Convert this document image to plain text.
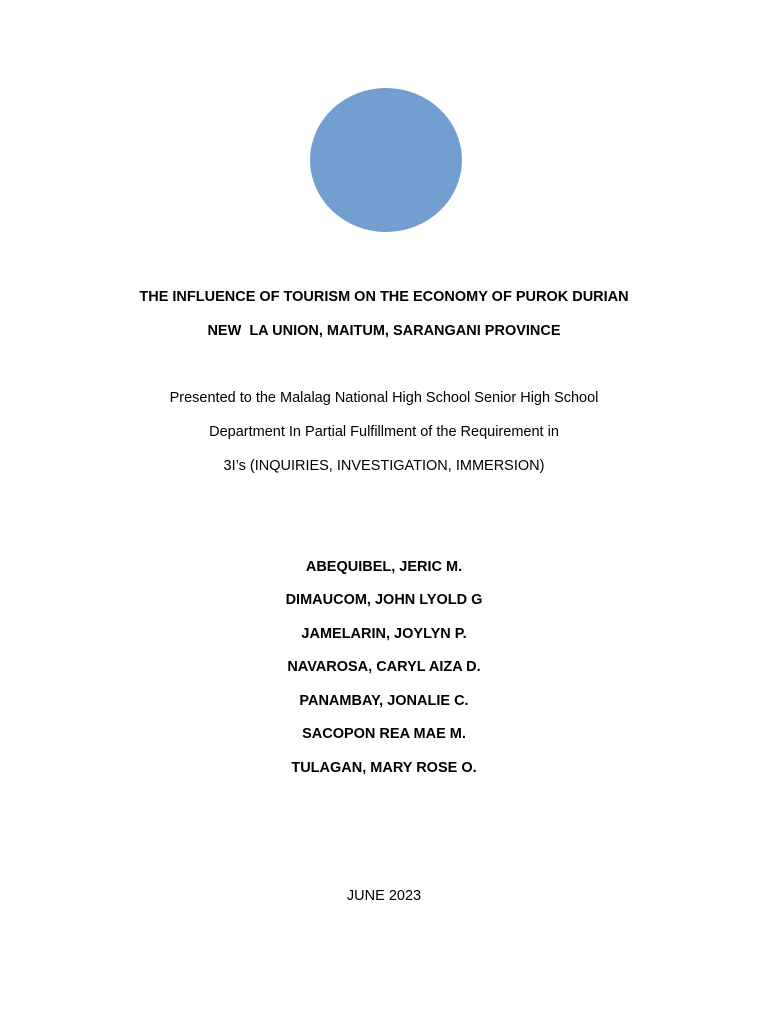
THE INFLUENCE OF TOURISM ON THE ECONOMY OF PUROK DURIAN
NEW  LA UNION, MAITUM, SARANGANI PROVINCE
Presented to the Malalag National High School Senior High School
Department In Partial Fulfillment of the Requirement in
3I’s (INQUIRIES, INVESTIGATION, IMMERSION)
ABEQUIBEL, JERIC M.
DIMAUCOM, JOHN LYOLD G
JAMELARIN, JOYLYN P.
NAVAROSA, CARYL AIZA D.
PANAMBAY, JONALIE C.
SACOPON REA MAE M.
TULAGAN, MARY ROSE O.
JUNE 2023
